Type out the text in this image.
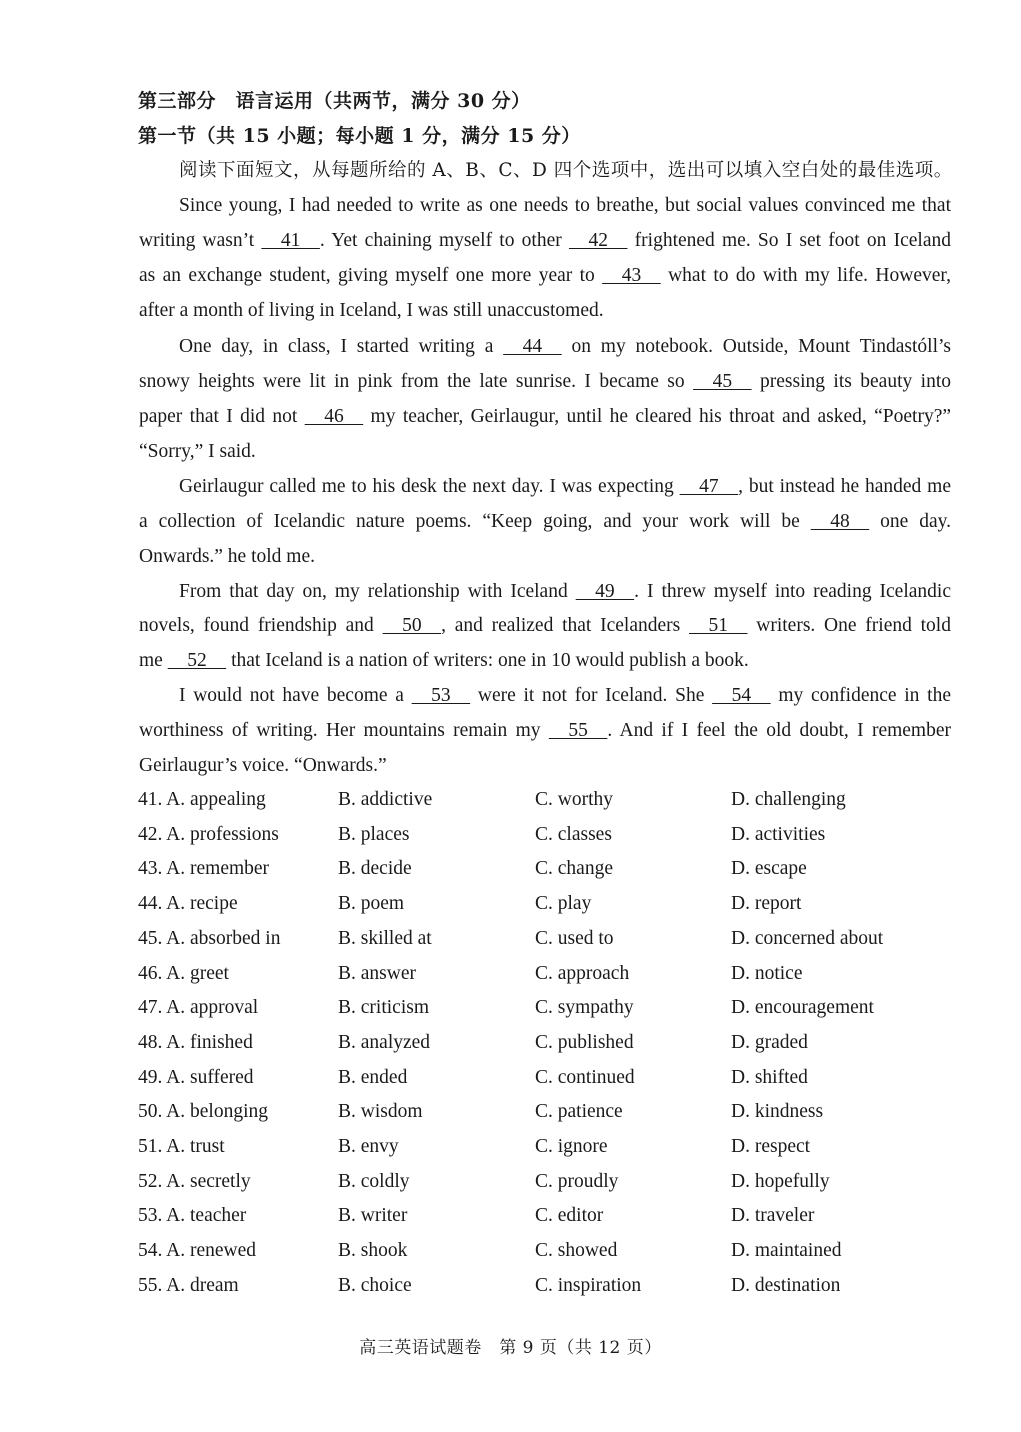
第三部分　语言运用（共两节，满分 30 分）
第一节（共 15 小题；每小题 1 分，满分 15 分）
阅读下面短文，从每题所给的 A、B、C、D 四个选项中，选出可以填入空白处的最佳选项。
Since young, I had needed to write as one needs to breathe, but social values convinced me that
writing wasn’t     41    . Yet chaining myself to other     42     frightened me. So I set foot on Iceland
as an exchange student, giving myself one more year to     43     what to do with my life. However,
after a month of living in Iceland, I was still unaccustomed.
One day, in class, I started writing a     44     on my notebook. Outside, Mount Tindastóll’s
snowy heights were lit in pink from the late sunrise. I became so     45     pressing its beauty into
paper that I did not     46     my teacher, Geirlaugur, until he cleared his throat and asked, “Poetry?”
“Sorry,” I said.
Geirlaugur called me to his desk the next day. I was expecting     47    , but instead he handed me
a collection of Icelandic nature poems. “Keep going, and your work will be     48     one day.
Onwards.” he told me.
From that day on, my relationship with Iceland     49    . I threw myself into reading Icelandic
novels, found friendship and     50    , and realized that Icelanders     51     writers. One friend told
me     52     that Iceland is a nation of writers: one in 10 would publish a book.
I would not have become a     53     were it not for Iceland. She     54     my confidence in the
worthiness of writing. Her mountains remain my     55    . And if I feel the old doubt, I remember
Geirlaugur’s voice. “Onwards.”
41. A. appealing	B. addictive	C. worthy	D. challenging
42. A. professions	B. places	C. classes	D. activities
43. A. remember	B. decide	C. change	D. escape
44. A. recipe	B. poem	C. play	D. report
45. A. absorbed in	B. skilled at	C. used to	D. concerned about
46. A. greet	B. answer	C. approach	D. notice
47. A. approval	B. criticism	C. sympathy	D. encouragement
48. A. finished	B. analyzed	C. published	D. graded
49. A. suffered	B. ended	C. continued	D. shifted
50. A. belonging	B. wisdom	C. patience	D. kindness
51. A. trust	B. envy	C. ignore	D. respect
52. A. secretly	B. coldly	C. proudly	D. hopefully
53. A. teacher	B. writer	C. editor	D. traveler
54. A. renewed	B. shook	C. showed	D. maintained
55. A. dream	B. choice	C. inspiration	D. destination
高三英语试题卷　第 9 页（共 12 页）
